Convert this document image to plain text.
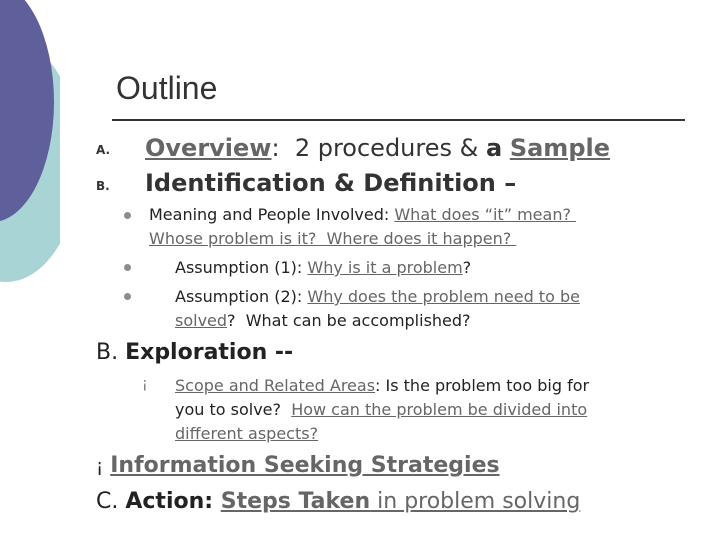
Outline
A. Overview:  2 procedures & a Sample
B. Identification & Definition –
Meaning and People Involved: What does “it” mean?
Whose problem is it?  Where does it happen?
Assumption (1): Why is it a problem?
Assumption (2): Why does the problem need to be
solved?  What can be accomplished?
B. Exploration --
¡ Scope and Related Areas: Is the problem too big for
you to solve?  How can the problem be divided into
different aspects?
¡ Information Seeking Strategies
C. Action: Steps Taken in problem solving
